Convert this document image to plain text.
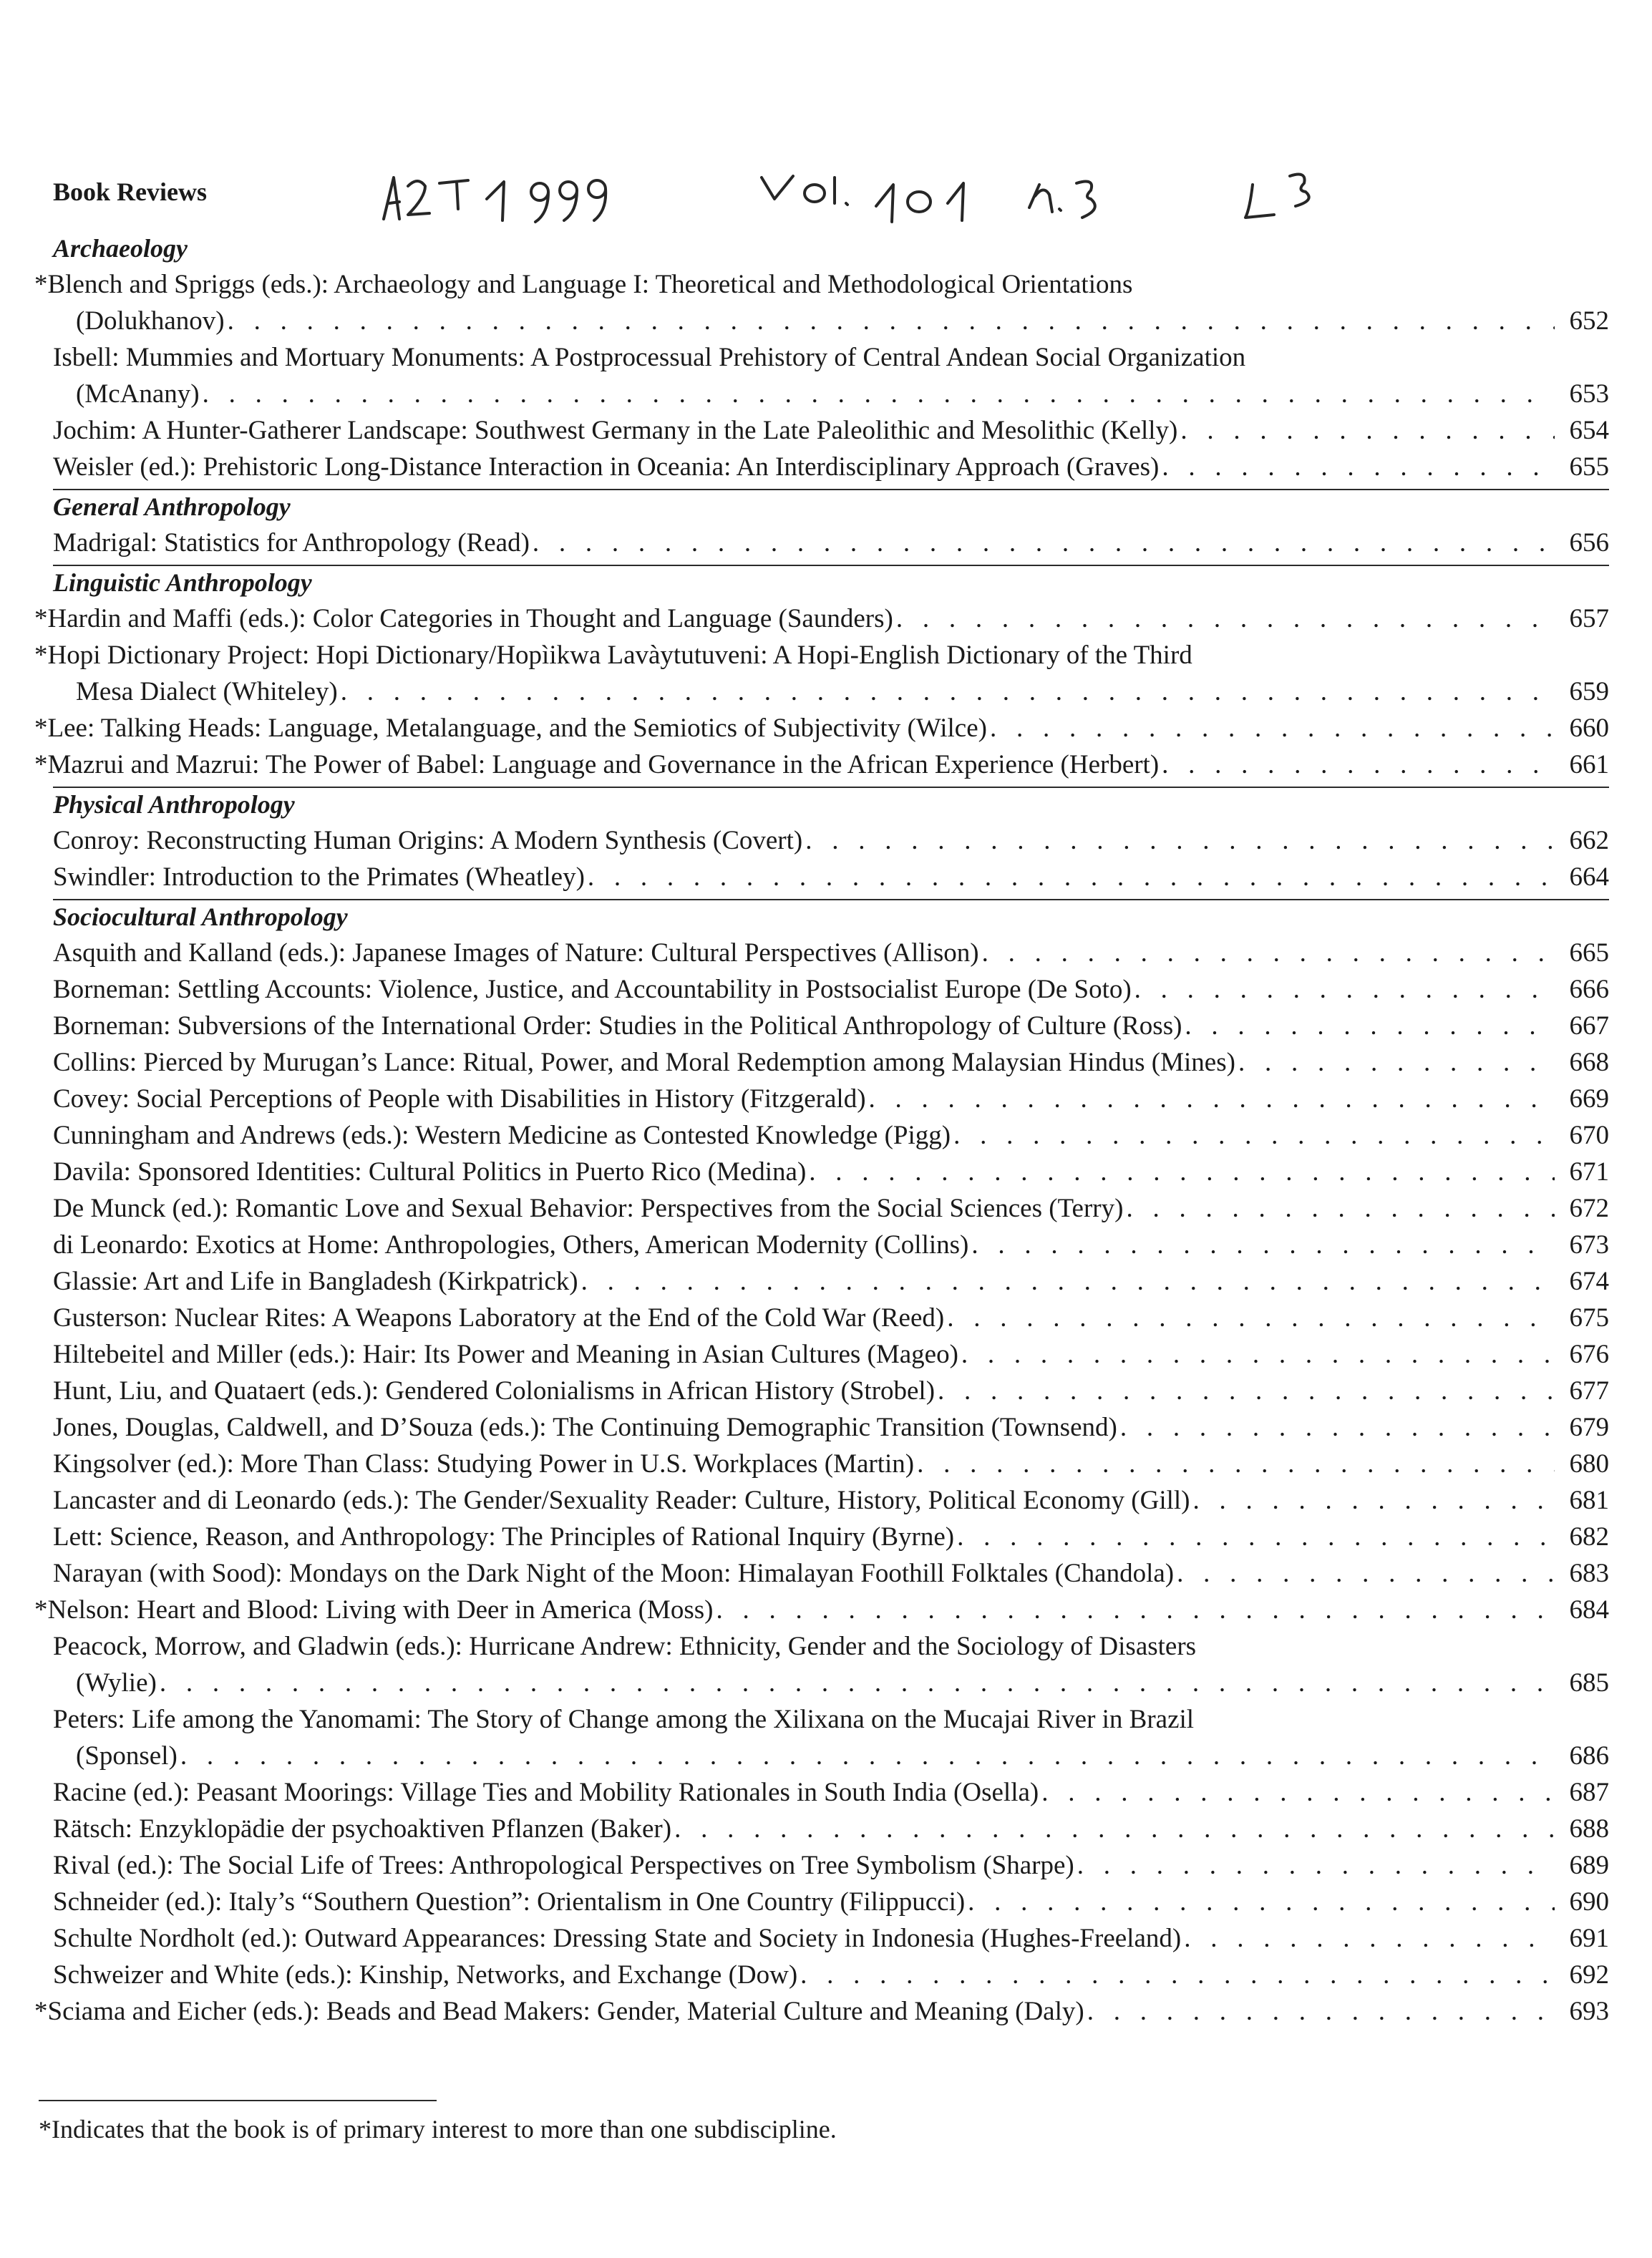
Book Reviews
Archaeology
*Blench and Spriggs (eds.): Archaeology and Language I: Theoretical and Methodological Orientations
(Dolukhanov) . . .	652
Isbell: Mummies and Mortuary Monuments: A Postprocessual Prehistory of Central Andean Social Organization
(McAnany) . . .	653
Jochim: A Hunter-Gatherer Landscape: Southwest Germany in the Late Paleolithic and Mesolithic (Kelly) . . .	654
Weisler (ed.): Prehistoric Long-Distance Interaction in Oceania: An Interdisciplinary Approach (Graves) . . .	655
General Anthropology
Madrigal: Statistics for Anthropology (Read) . . .	656
Linguistic Anthropology
*Hardin and Maffi (eds.): Color Categories in Thought and Language (Saunders) . . .	657
*Hopi Dictionary Project: Hopi Dictionary/Hopìikwa Lavàytutuveni: A Hopi-English Dictionary of the Third
Mesa Dialect (Whiteley) . . .	659
*Lee: Talking Heads: Language, Metalanguage, and the Semiotics of Subjectivity (Wilce) . . .	660
*Mazrui and Mazrui: The Power of Babel: Language and Governance in the African Experience (Herbert) . . .	661
Physical Anthropology
Conroy: Reconstructing Human Origins: A Modern Synthesis (Covert) . . .	662
Swindler: Introduction to the Primates (Wheatley) . . .	664
Sociocultural Anthropology
Asquith and Kalland (eds.): Japanese Images of Nature: Cultural Perspectives (Allison) . . .	665
Borneman: Settling Accounts: Violence, Justice, and Accountability in Postsocialist Europe (De Soto) . . .	666
Borneman: Subversions of the International Order: Studies in the Political Anthropology of Culture (Ross) . . .	667
Collins: Pierced by Murugan’s Lance: Ritual, Power, and Moral Redemption among Malaysian Hindus (Mines) . . .	668
Covey: Social Perceptions of People with Disabilities in History (Fitzgerald) . . .	669
Cunningham and Andrews (eds.): Western Medicine as Contested Knowledge (Pigg) . . .	670
Davila: Sponsored Identities: Cultural Politics in Puerto Rico (Medina) . . .	671
De Munck (ed.): Romantic Love and Sexual Behavior: Perspectives from the Social Sciences (Terry) . . .	672
di Leonardo: Exotics at Home: Anthropologies, Others, American Modernity (Collins) . . .	673
Glassie: Art and Life in Bangladesh (Kirkpatrick) . . .	674
Gusterson: Nuclear Rites: A Weapons Laboratory at the End of the Cold War (Reed) . . .	675
Hiltebeitel and Miller (eds.): Hair: Its Power and Meaning in Asian Cultures (Mageo) . . .	676
Hunt, Liu, and Quataert (eds.): Gendered Colonialisms in African History (Strobel) . . .	677
Jones, Douglas, Caldwell, and D’Souza (eds.): The Continuing Demographic Transition (Townsend) . . .	679
Kingsolver (ed.): More Than Class: Studying Power in U.S. Workplaces (Martin) . . .	680
Lancaster and di Leonardo (eds.): The Gender/Sexuality Reader: Culture, History, Political Economy (Gill) . . .	681
Lett: Science, Reason, and Anthropology: The Principles of Rational Inquiry (Byrne) . . .	682
Narayan (with Sood): Mondays on the Dark Night of the Moon: Himalayan Foothill Folktales (Chandola) . . .	683
*Nelson: Heart and Blood: Living with Deer in America (Moss) . . .	684
Peacock, Morrow, and Gladwin (eds.): Hurricane Andrew: Ethnicity, Gender and the Sociology of Disasters
(Wylie) . . .	685
Peters: Life among the Yanomami: The Story of Change among the Xilixana on the Mucajai River in Brazil
(Sponsel) . . .	686
Racine (ed.): Peasant Moorings: Village Ties and Mobility Rationales in South India (Osella) . . .	687
Rätsch: Enzyklopädie der psychoaktiven Pflanzen (Baker) . . .	688
Rival (ed.): The Social Life of Trees: Anthropological Perspectives on Tree Symbolism (Sharpe) . . .	689
Schneider (ed.): Italy’s “Southern Question”: Orientalism in One Country (Filippucci) . . .	690
Schulte Nordholt (ed.): Outward Appearances: Dressing State and Society in Indonesia (Hughes-Freeland) . . .	691
Schweizer and White (eds.): Kinship, Networks, and Exchange (Dow) . . .	692
*Sciama and Eicher (eds.): Beads and Bead Makers: Gender, Material Culture and Meaning (Daly) . . .	693
*Indicates that the book is of primary interest to more than one subdiscipline.
